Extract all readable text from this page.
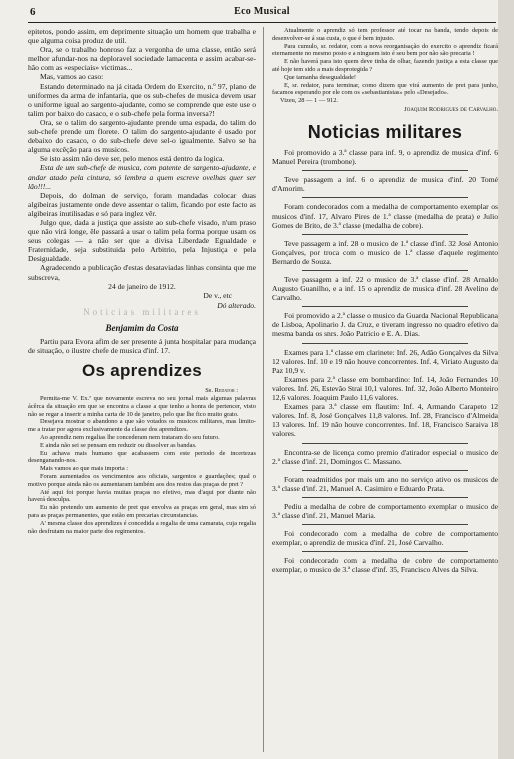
6	Eco Musical

epitetos, pondo assim, em deprimente situação um homem que trabalha e que alguma coisa produz de util.

Ora, se o trabalho honroso faz a vergonha de uma classe, então será melhor afundar-nos na deploravel sociedade lamacenta e assim acabar-se-hão com as «especiais» victimas...

Mas, vamos ao caso:

Estando determinado na já citada Ordem do Exercito, n.º 97, plano de uniformes da arma de infantaria, que os sub-chefes de musica devem usar o uniforme igual ao sargento-ajudante, como se comprende que este use o talim por baixo do casaco, e o sub-chefe pela forma inversa?!

Ora, se o talim do sargento-ajudante prende uma espada, do talim do sub-chefe prende um florete. O talim do sargento-ajudante é usado por debaixo do casaco, o do sub-chefe deve sel-o igualmente. Salvo se ha alguma excêção para os musicos.

Se isto assim não deve ser, pelo menos está dentro da logica.

Esta de um sub-chefe de musica, com patente de sargento-ajudante, e andar atado pela cintura, só lembra a quem escreve ovelhas quer ser lão!!!...

Depois, do dolman de serviço, foram mandadas colocar duas algibeiras justamente onde deve assentar o talim, ficando por este facto as algibeiras inutilisadas e só para inglez vêr.

Julgo que, dada a justiça que assiste ao sub-chefe visado, n'um praso que não virá longe, êle passará a usar o talim pela forma porque usam os seus colegas — a não ser que a divisa Liberdade Egualdade e Fraternidade, seja substituida pelo Arbitrio, pela Injustiça e pela Desigualdade.

Agradecendo a publicação d'estas desataviadas linhas consinta que me subscreva,

24 de janeiro de 1912.

De v., etc

Dó alterado.
Noticias militares
Benjamim da Costa

Partiu para Evora afim de ser presente á junta hospitalar para mudança de situação, o ilustre chefe de musica d'inf. 17.

Os aprendizes

Sr. Redator :

Permita-me V. Ex.ª que novamente escreva no seu jornal mais algumas palavras ácêrca da situação em que se encontra a classe a que tenho a honra de pertencer, visto não se regar a inserir a minha carta de 10 de janeiro, pelo que lhe fico muito grato.

Desejava mostrar o abandono a que são votados os musicos militares, mas limito-me a tratar por agora exclusivamente da classe dos aprendizes.

Ao aprendiz nem regalias lhe concederam nem trataram do seu futuro.

E ainda não sei se pensam em reduzir ou dissolver as bandas.

Eu achava mais humano que acabassem com este periodo de incertezas desenganando-nos.

Mais vamos ao que mais importa :

Foram aumentados os vencimentos aos oficiais, sargentos e guardações; qual o motivo porque ainda não os aumentaram também aos dos restos das praças de pret ?

Até aqui foi porque havia muitas praças no efetivo, mas d'aqui por diante não haverá desculpa.

Eu não pretendo um aumento de pret que envolva as praças em geral, mas sim só para as praças permanentes, que estão em precarias circunstancias.

A' mesma classe dos aprendizes é concedida a regalia de uma camarata, cuja regalia não desfrutam na maior parte dos regimentos.

Atualmente o aprendiz só tem professor até tocar na banda, tendo depois de desenvolver-se á sua custa, o que é bem injusto.

Para cumulo, sr. redator, com a nova reorganisação do exercito o aprendiz ficará eternamente no mesmo posto e a ninguem isto é seu bem por não são precaria !

E não haverá para isto quem deve tinha de olhar, fazendo justiça a esta classe que até hoje tem sido a mais desprotegida ?

Que tamanha desegualdade!

E, sr. redator, para terminar, como dizem que virá aumento de pret para junho, facamos esperando por ele com os «sebastianistas» pelo «Desejado».

Vizeu, 28 — 1 — 912.

Joaquim Rodrigues de Carvalho.

Noticias militares

Foi promovido a 3.ª classe para inf. 9, o aprendiz de musica d'inf. 6 Manuel Pereira (trombone).

Teve passagem a inf. 6 o aprendiz de musica d'inf. 20 Tomé d'Amorim.

Foram condecorados com a medalha de comportamento exemplar os musicos d'inf. 17, Alvaro Pires de 1.ª classe (medalha de prata) e Julio Gomes de Brito, de 3.ª classe (medalha de cobre).

Teve passagem a inf. 28 o musico de 1.ª classe d'inf. 32 José Antonio Gonçalves, por troca com o musico de 1.ª classe d'aquele regimento Bernardo de Souza.

Teve passagem a inf. 22 o musico de 3.ª classe d'inf. 28 Arnaldo Augusto Guanilho, e a inf. 15 o aprendiz de musica d'inf. 28 Avelino de Carvalho.

Foi promovido a 2.ª classe o musico da Guarda Nacional Republicana de Lisboa, Apolinario J. da Cruz, e tiveram ingresso no quadro efetivo da mesma banda os snrs. João Patricio e E. A. Dias.

Exames para 1.ª classe em clarinete: Inf. 26, Adão Gonçalves da Silva 12 valores. Inf. 10 e 19 não houve concorrentes. Inf. 4, Viriato Augusto da Paz 10,9 v.

Exames para 2.ª classe em bombardino: Inf. 14, João Fernandes 10 valores. Inf. 26, Estevão Strai 10,1 valores. Inf. 32, João Alberto Monteiro 12,6 valores. Joaquim Paulo 11,6 valores.

Exames para 3.ª classe em flautim: Inf. 4, Armando Carapeto 12 valores. Inf. 8, José Gonçalves 11,8 valores. Inf. 28, Francisco d'Almeida 13 valores. Inf. 19 não houve concorrentes. Inf. 18, Francisco Saraiva 18 valores.

Encontra-se de licença como premio d'atirador especial o musico de 2.ª classe d'inf. 21, Domingos C. Massano.

Foram readmitidos por mais um ano no serviço ativo os musicos de 3.ª classe d'inf. 21, Manuel A. Casimiro e Eduardo Prata.

Pediu a medalha de cobre de comportamento exemplar o musico de 3.ª classe d'inf. 21, Manuel Maria.

Foi condecorado com a medalha de cobre de comportamento exemplar, o aprendiz de musica d'inf. 21, José Carvalho.

Foi condecorado com a medalha de cobre de comportamento exemplar, o musico de 3.ª classe d'inf. 35, Francisco Alves da Silva.
